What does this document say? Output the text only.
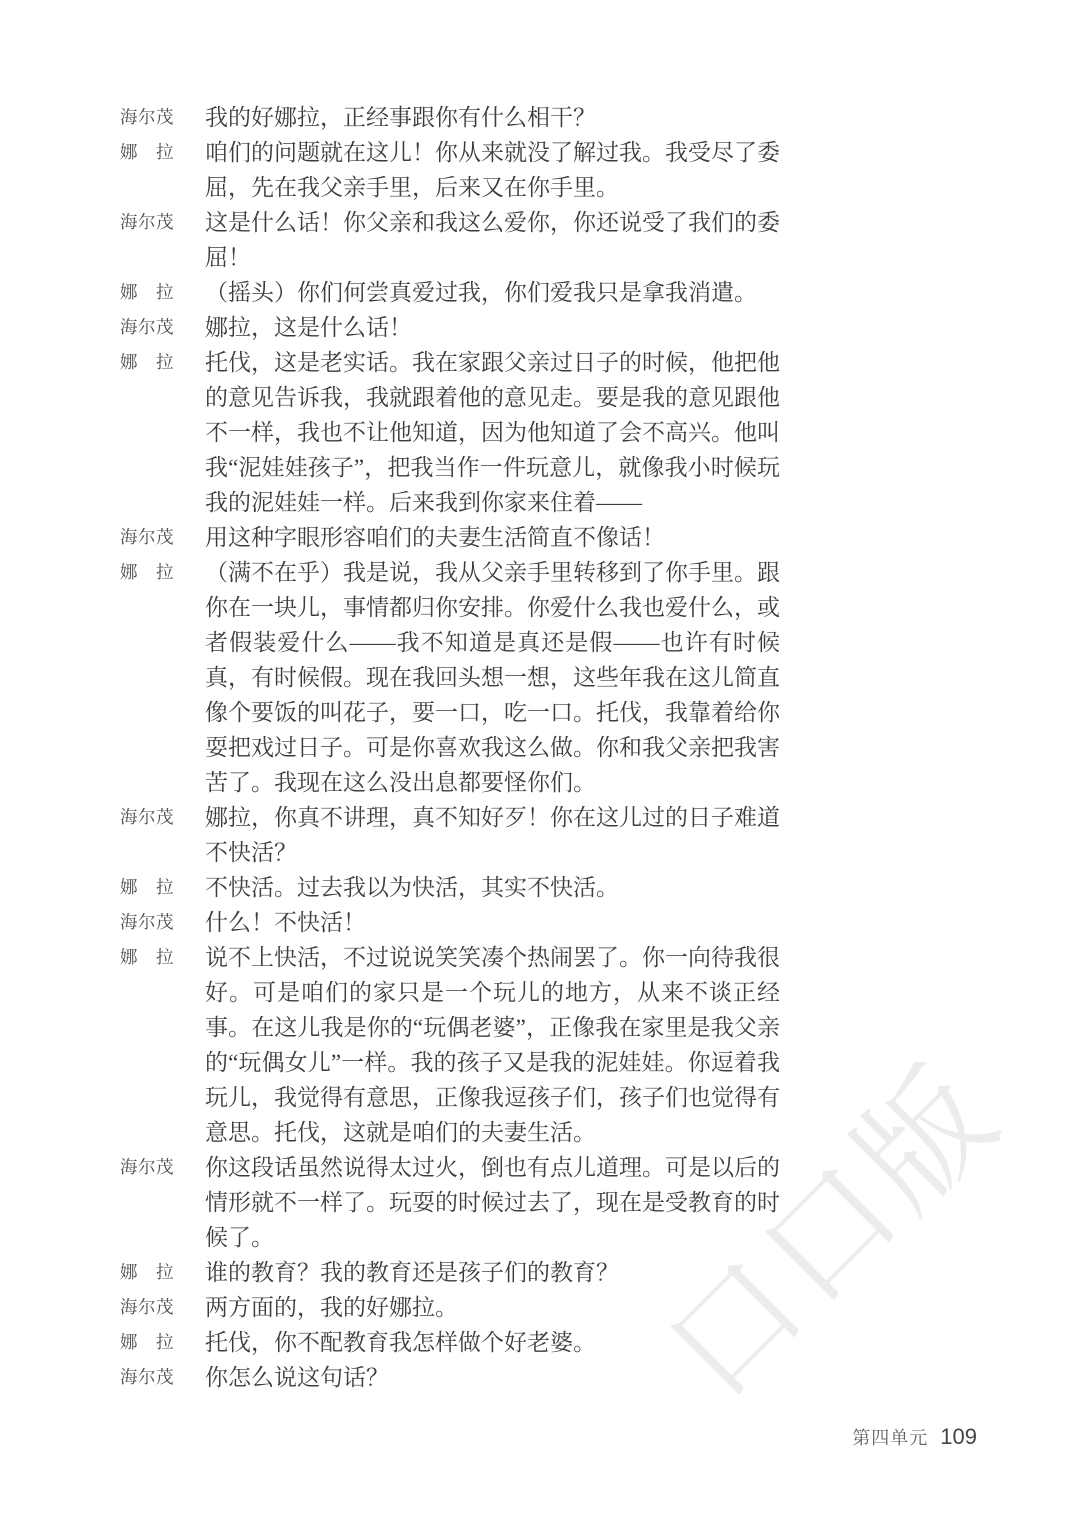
口口版
海尔茂 我的好娜拉，正经事跟你有什么相干？
娜　拉 咱们的问题就在这儿！你从来就没了解过我。我受尽了委屈，先在我父亲手里，后来又在你手里。
海尔茂 这是什么话！你父亲和我这么爱你，你还说受了我们的委屈！
娜　拉 （摇头）你们何尝真爱过我，你们爱我只是拿我消遣。
海尔茂 娜拉，这是什么话！
娜　拉 托伐，这是老实话。我在家跟父亲过日子的时候，他把他的意见告诉我，我就跟着他的意见走。要是我的意见跟他不一样，我也不让他知道，因为他知道了会不高兴。他叫我“泥娃娃孩子”，把我当作一件玩意儿，就像我小时候玩我的泥娃娃一样。后来我到你家来住着——
海尔茂 用这种字眼形容咱们的夫妻生活简直不像话！
娜　拉 （满不在乎）我是说，我从父亲手里转移到了你手里。跟你在一块儿，事情都归你安排。你爱什么我也爱什么，或者假装爱什么——我不知道是真还是假——也许有时候真，有时候假。现在我回头想一想，这些年我在这儿简直像个要饭的叫花子，要一口，吃一口。托伐，我靠着给你耍把戏过日子。可是你喜欢我这么做。你和我父亲把我害苦了。我现在这么没出息都要怪你们。
海尔茂 娜拉，你真不讲理，真不知好歹！你在这儿过的日子难道不快活？
娜　拉 不快活。过去我以为快活，其实不快活。
海尔茂 什么！不快活！
娜　拉 说不上快活，不过说说笑笑凑个热闹罢了。你一向待我很好。可是咱们的家只是一个玩儿的地方，从来不谈正经事。在这儿我是你的“玩偶老婆”，正像我在家里是我父亲的“玩偶女儿”一样。我的孩子又是我的泥娃娃。你逗着我玩儿，我觉得有意思，正像我逗孩子们，孩子们也觉得有意思。托伐，这就是咱们的夫妻生活。
海尔茂 你这段话虽然说得太过火，倒也有点儿道理。可是以后的情形就不一样了。玩耍的时候过去了，现在是受教育的时候了。
娜　拉 谁的教育？我的教育还是孩子们的教育？
海尔茂 两方面的，我的好娜拉。
娜　拉 托伐，你不配教育我怎样做个好老婆。
海尔茂 你怎么说这句话？
第四单元 109
